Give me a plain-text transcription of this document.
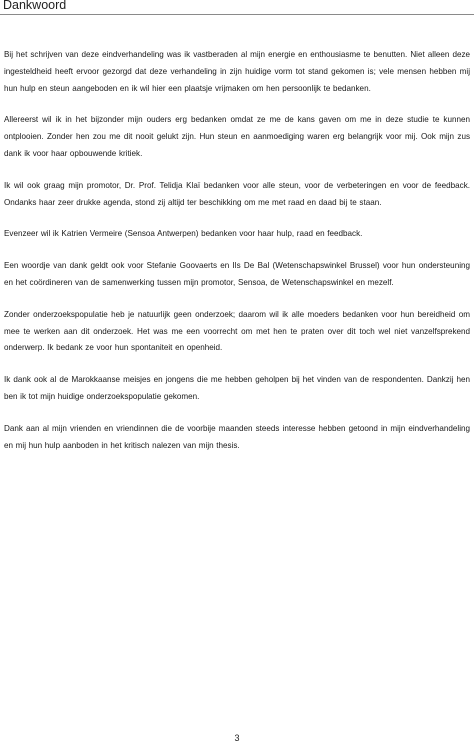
Dankwoord

Bij het schrijven van deze eindverhandeling was ik vastberaden al mijn energie en enthousiasme te benutten. Niet alleen deze ingesteldheid heeft ervoor gezorgd dat deze verhandeling in zijn huidige vorm tot stand gekomen is; vele mensen hebben mij hun hulp en steun aangeboden en ik wil hier een plaatsje vrijmaken om hen persoonlijk te bedanken.

Allereerst wil ik in het bijzonder mijn ouders erg bedanken omdat ze me de kans gaven om me in deze studie te kunnen ontplooien. Zonder hen zou me dit nooit gelukt zijn. Hun steun en aanmoediging waren erg belangrijk voor mij. Ook mijn zus dank ik voor haar opbouwende kritiek.

Ik wil ook graag mijn promotor, Dr. Prof. Telidja Klaï bedanken voor alle steun, voor de verbeteringen en voor de feedback. Ondanks haar zeer drukke agenda, stond zij altijd ter beschikking om me met raad en daad bij te staan.

Evenzeer wil ik Katrien Vermeire (Sensoa Antwerpen) bedanken voor haar hulp, raad en feedback.

Een woordje van dank geldt ook voor Stefanie Goovaerts en Ils De Bal (Wetenschapswinkel Brussel) voor hun ondersteuning en het coördineren van de samenwerking tussen mijn promotor, Sensoa, de Wetenschapswinkel en mezelf.

Zonder onderzoekspopulatie heb je natuurlijk geen onderzoek; daarom wil ik alle moeders bedanken voor hun bereidheid om mee te werken aan dit onderzoek. Het was me een voorrecht om met hen te praten over dit toch wel niet vanzelfsprekend onderwerp. Ik bedank ze voor hun spontaniteit en openheid.

Ik dank ook al de Marokkaanse meisjes en jongens die me hebben geholpen bij het vinden van de respondenten. Dankzij hen ben ik tot mijn huidige onderzoekspopulatie gekomen.

Dank aan al mijn vrienden en vriendinnen die de voorbije maanden steeds interesse hebben getoond in mijn eindverhandeling en mij hun hulp aanboden in het kritisch nalezen van mijn thesis.

3
